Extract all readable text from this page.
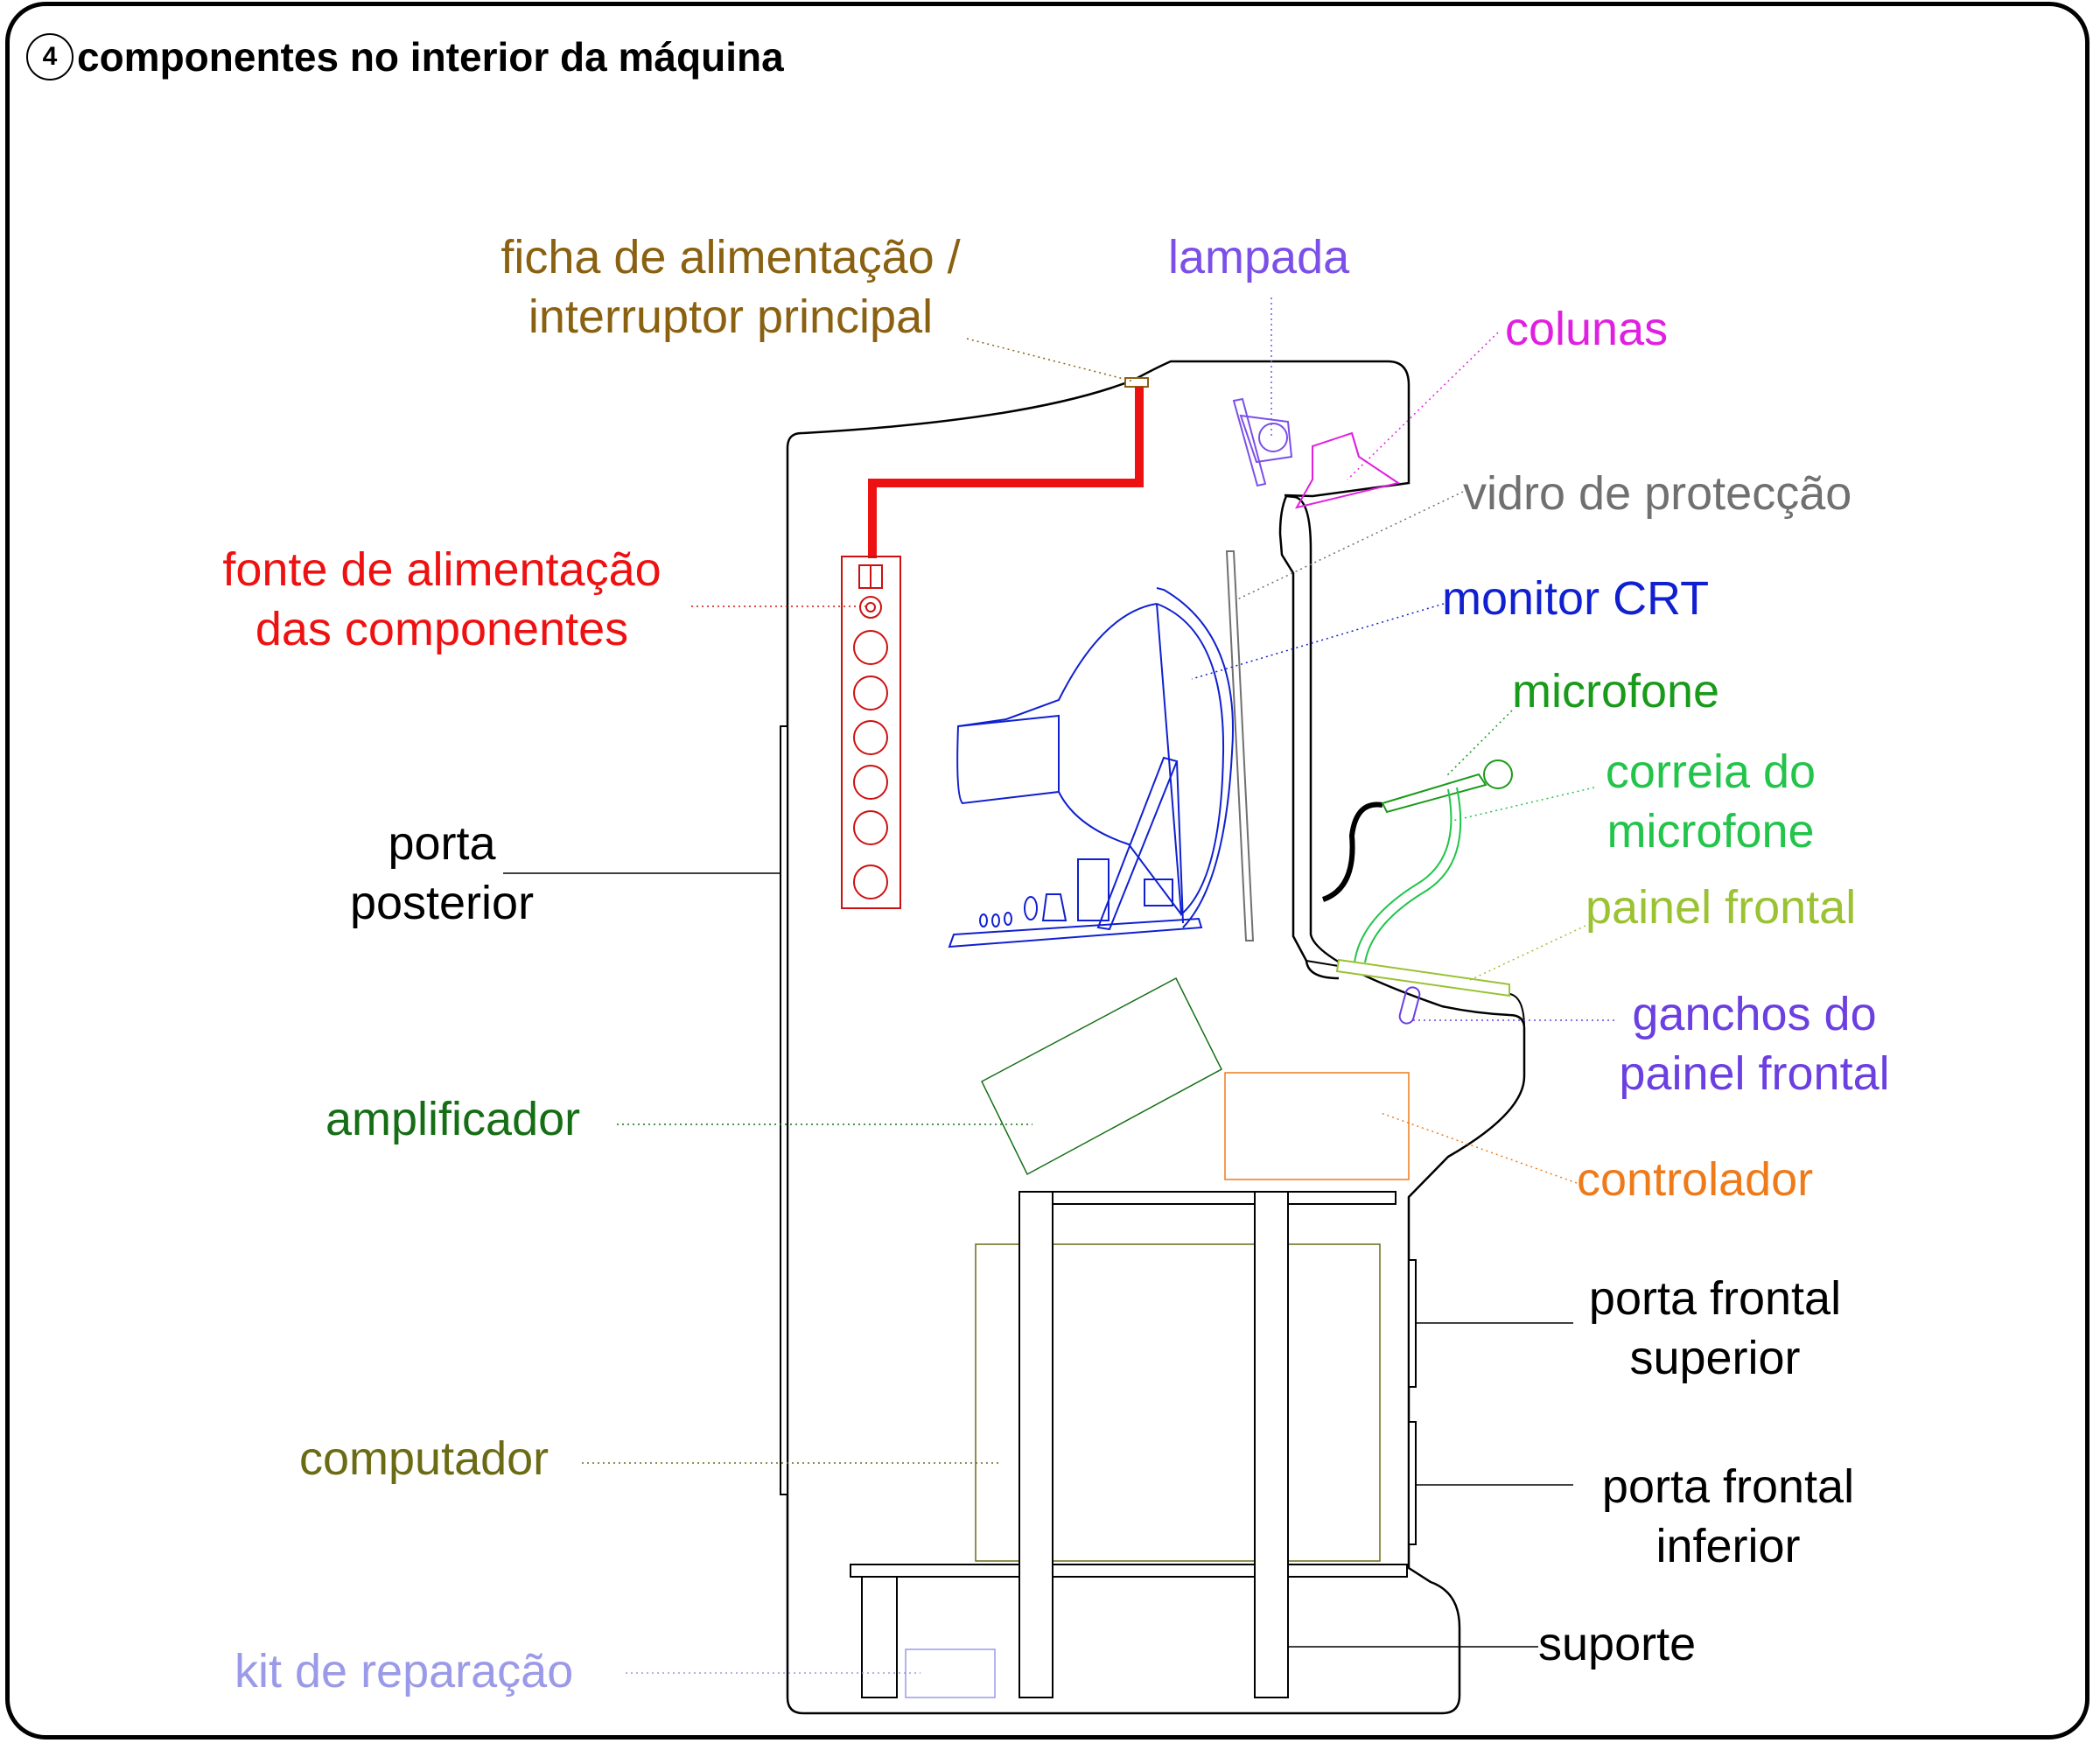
4 componentes no interior da máquina
ficha de alimentação /
interruptor principal
lampada
colunas
vidro de protecção
fonte de alimentação
das componentes
monitor CRT
microfone
correia do
microfone
porta
posterior	painel frontal
ganchos do
painel frontal
amplificador
controlador
porta frontal
superior
computador
porta frontal
inferior
suporte
kit de reparação
